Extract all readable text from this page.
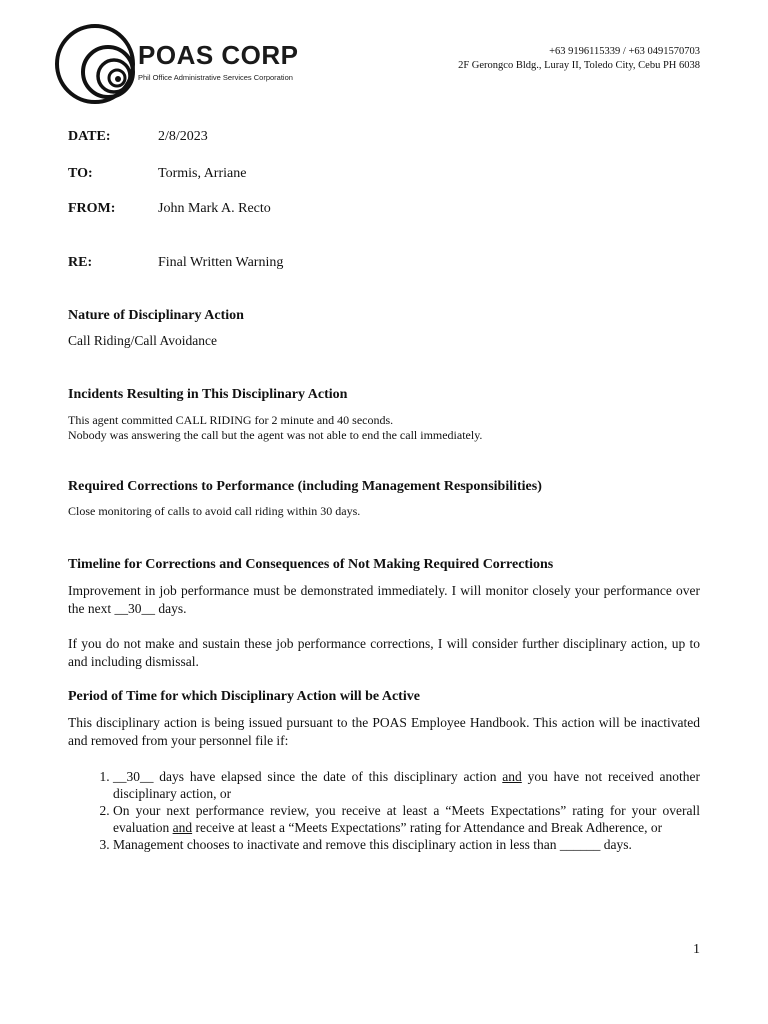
POAS CORP
Phil Office Administrative Services Corporation
+63 9196115339 / +63 0491570703
2F Gerongco Bldg., Luray II, Toledo City, Cebu PH 6038
DATE:	2/8/2023
TO:	Tormis, Arriane
FROM:	John Mark A. Recto
RE:	Final Written Warning
Nature of Disciplinary Action
Call Riding/Call Avoidance
Incidents Resulting in This Disciplinary Action
This agent committed CALL RIDING for 2 minute and 40 seconds.
Nobody was answering the call but the agent was not able to end the call immediately.
Required Corrections to Performance (including Management Responsibilities)
Close monitoring of calls to avoid call riding within 30 days.
Timeline for Corrections and Consequences of Not Making Required Corrections
Improvement in job performance must be demonstrated immediately. I will monitor closely your performance over the next __30__ days.
If you do not make and sustain these job performance corrections, I will consider further disciplinary action, up to and including dismissal.
Period of Time for which Disciplinary Action will be Active
This disciplinary action is being issued pursuant to the POAS Employee Handbook. This action will be inactivated and removed from your personnel file if:
1. __30__ days have elapsed since the date of this disciplinary action and you have not received another disciplinary action, or
2. On your next performance review, you receive at least a “Meets Expectations” rating for your overall evaluation and receive at least a “Meets Expectations” rating for Attendance and Break Adherence, or
3. Management chooses to inactivate and remove this disciplinary action in less than ______ days.
1
